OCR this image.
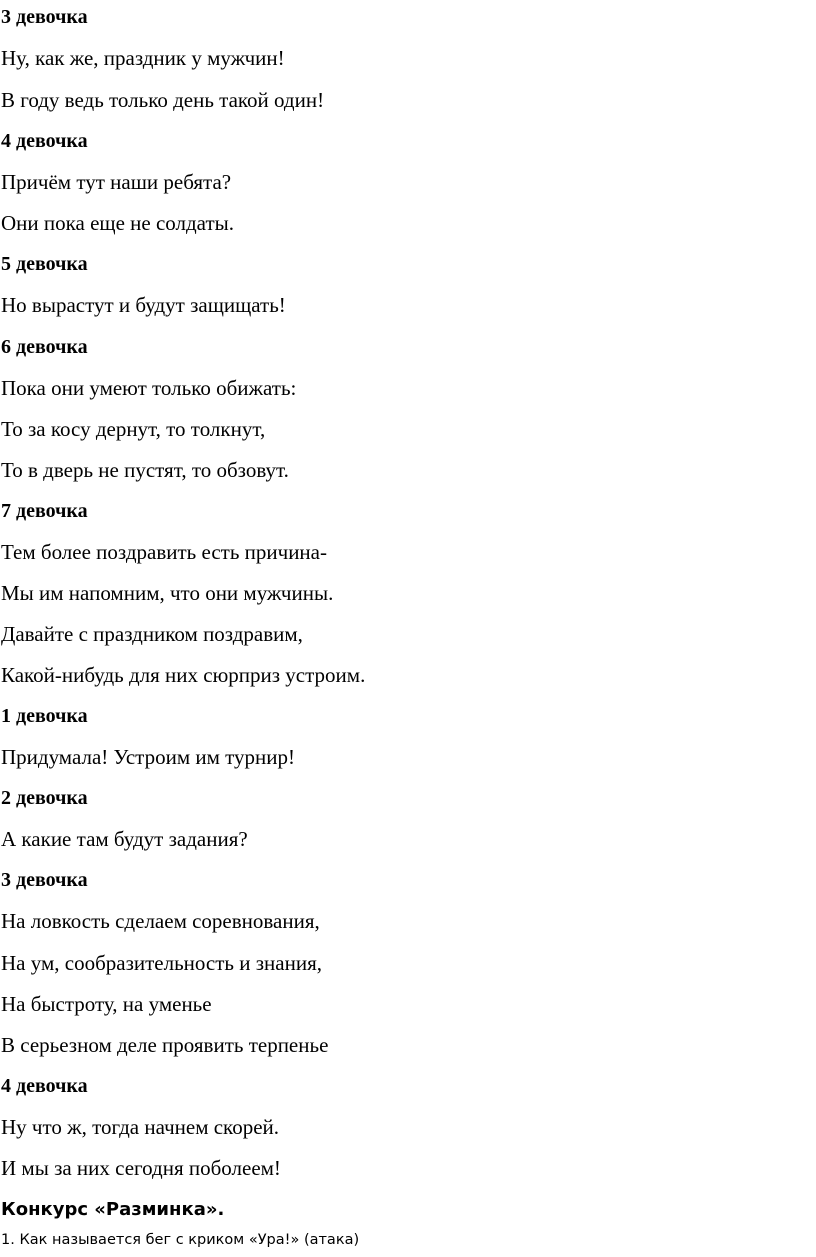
3 девочка
Ну, как же, праздник у мужчин!
В году ведь только день такой один!
4 девочка
Причём тут наши ребята?
Они пока еще не солдаты.
5 девочка
Но вырастут и будут защищать!
6 девочка
Пока они умеют только обижать:
То за косу дернут, то толкнут,
То в дверь не пустят, то обзовут.
7 девочка
Тем более поздравить есть причина-
Мы им напомним, что они мужчины.
Давайте с праздником поздравим,
Какой-нибудь для них сюрприз устроим.
1 девочка
Придумала! Устроим им турнир!
2 девочка
А какие там будут задания?
3 девочка
На ловкость сделаем соревнования,
На ум, сообразительность и знания,
На быстроту, на уменье
В серьезном деле проявить терпенье
4 девочка
Ну что ж, тогда начнем скорей.
И мы за них сегодня поболеем!
Конкурс «Разминка».
1. Как называется бег с криком «Ура!» (атака)
